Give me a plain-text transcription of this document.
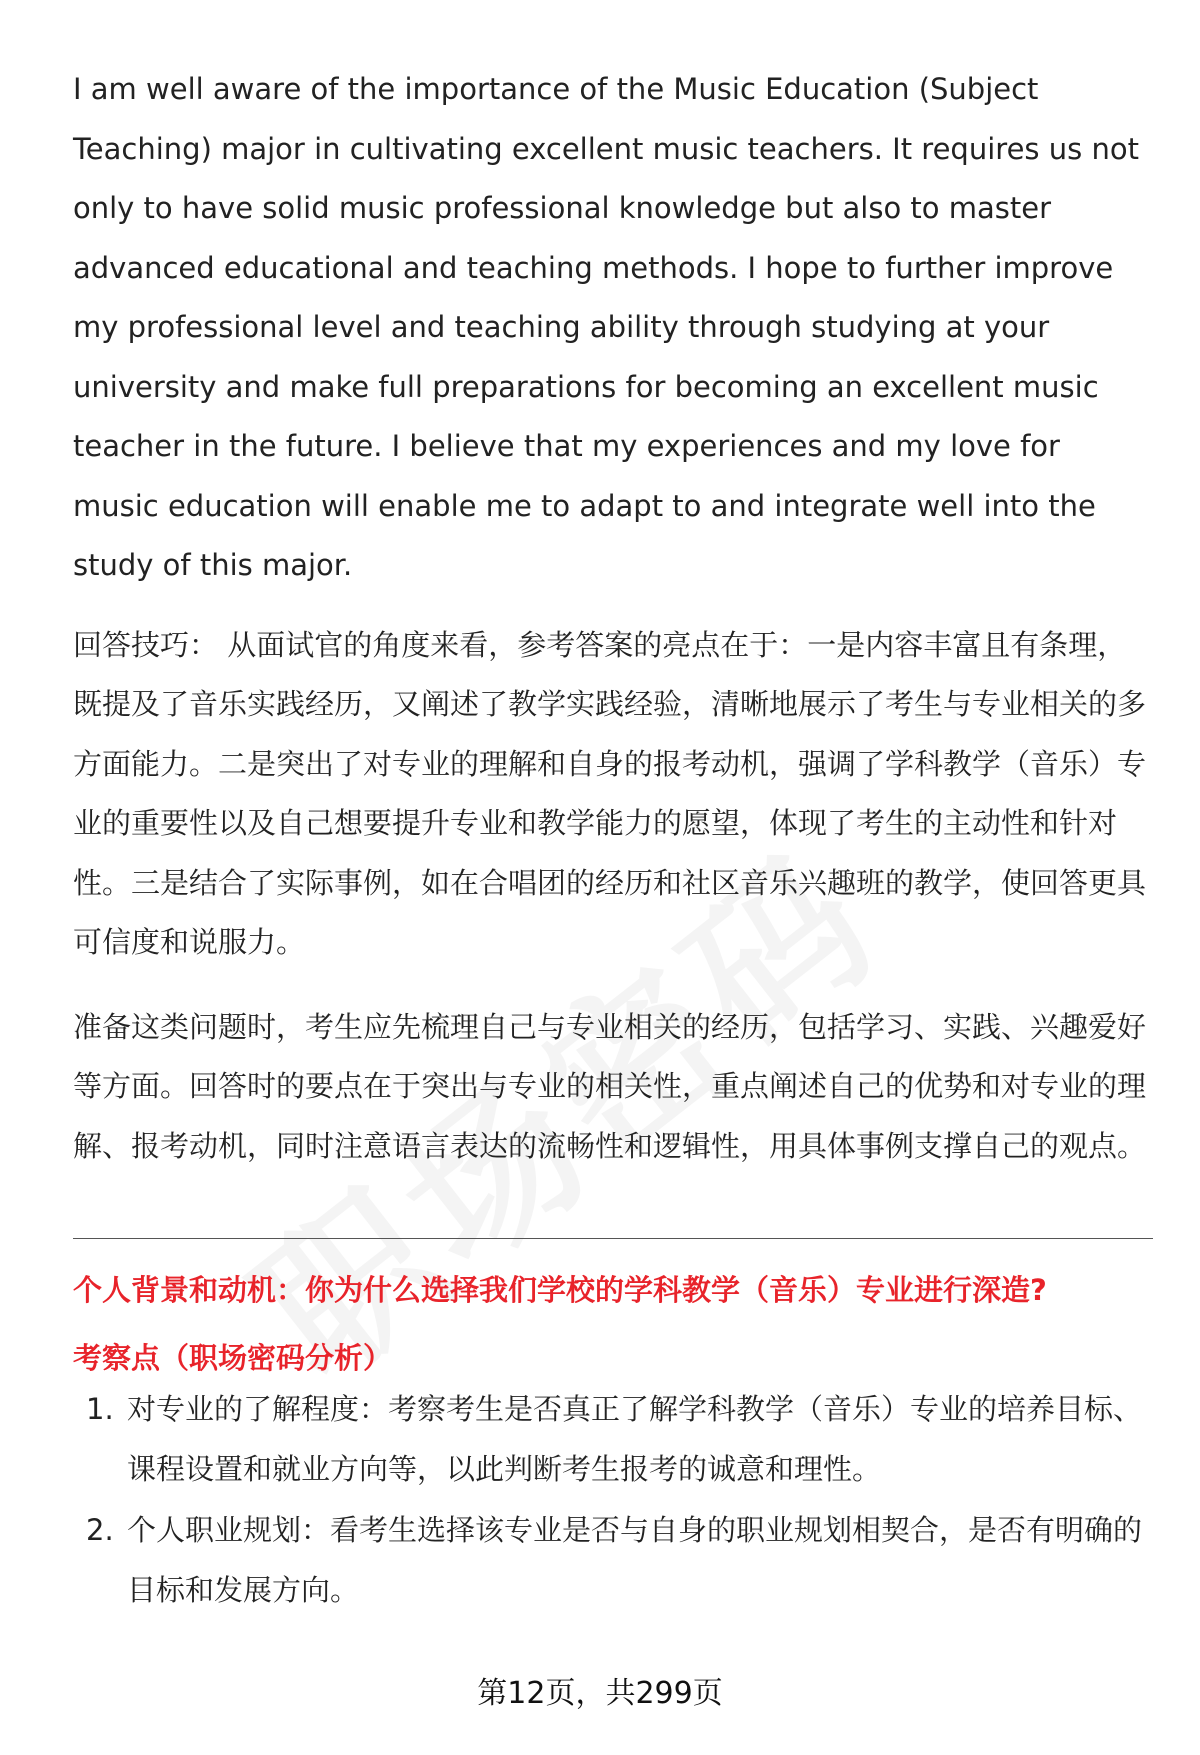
I am well aware of the importance of the Music Education (Subject Teaching) major in cultivating excellent music teachers. It requires us not only to have solid music professional knowledge but also to master advanced educational and teaching methods. I hope to further improve my professional level and teaching ability through studying at your university and make full preparations for becoming an excellent music teacher in the future. I believe that my experiences and my love for music education will enable me to adapt to and integrate well into the study of this major.

回答技巧： 从面试官的角度来看，参考答案的亮点在于：一是内容丰富且有条理，既提及了音乐实践经历，又阐述了教学实践经验，清晰地展示了考生与专业相关的多方面能力。二是突出了对专业的理解和自身的报考动机，强调了学科教学（音乐）专业的重要性以及自己想要提升专业和教学能力的愿望，体现了考生的主动性和针对性。三是结合了实际事例，如在合唱团的经历和社区音乐兴趣班的教学，使回答更具可信度和说服力。

准备这类问题时，考生应先梳理自己与专业相关的经历，包括学习、实践、兴趣爱好等方面。回答时的要点在于突出与专业的相关性，重点阐述自己的优势和对专业的理解、报考动机，同时注意语言表达的流畅性和逻辑性，用具体事例支撑自己的观点。

个人背景和动机：你为什么选择我们学校的学科教学（音乐）专业进行深造?
考察点（职场密码分析）
1. 对专业的了解程度：考察考生是否真正了解学科教学（音乐）专业的培养目标、课程设置和就业方向等，以此判断考生报考的诚意和理性。
2. 个人职业规划：看考生选择该专业是否与自身的职业规划相契合，是否有明确的目标和发展方向。
第12页，共299页
